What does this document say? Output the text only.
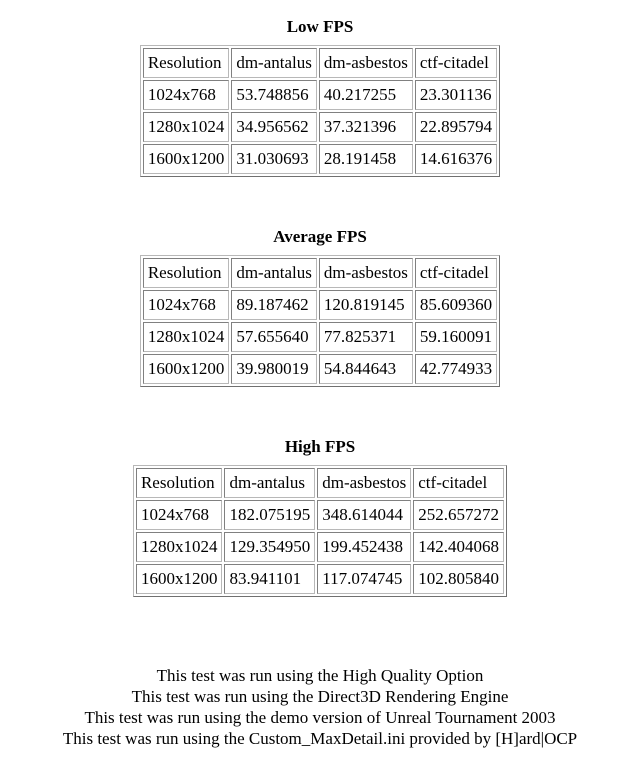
Low FPS
Resolution	dm-antalus	dm-asbestos	ctf-citadel
1024x768	53.748856	40.217255	23.301136
1280x1024	34.956562	37.321396	22.895794
1600x1200	31.030693	28.191458	14.616376
Average FPS
Resolution	dm-antalus	dm-asbestos	ctf-citadel
1024x768	89.187462	120.819145	85.609360
1280x1024	57.655640	77.825371	59.160091
1600x1200	39.980019	54.844643	42.774933
High FPS
Resolution	dm-antalus	dm-asbestos	ctf-citadel
1024x768	182.075195	348.614044	252.657272
1280x1024	129.354950	199.452438	142.404068
1600x1200	83.941101	117.074745	102.805840
This test was run using the High Quality Option
This test was run using the Direct3D Rendering Engine
This test was run using the demo version of Unreal Tournament 2003
This test was run using the Custom_MaxDetail.ini provided by [H]ard|OCP
